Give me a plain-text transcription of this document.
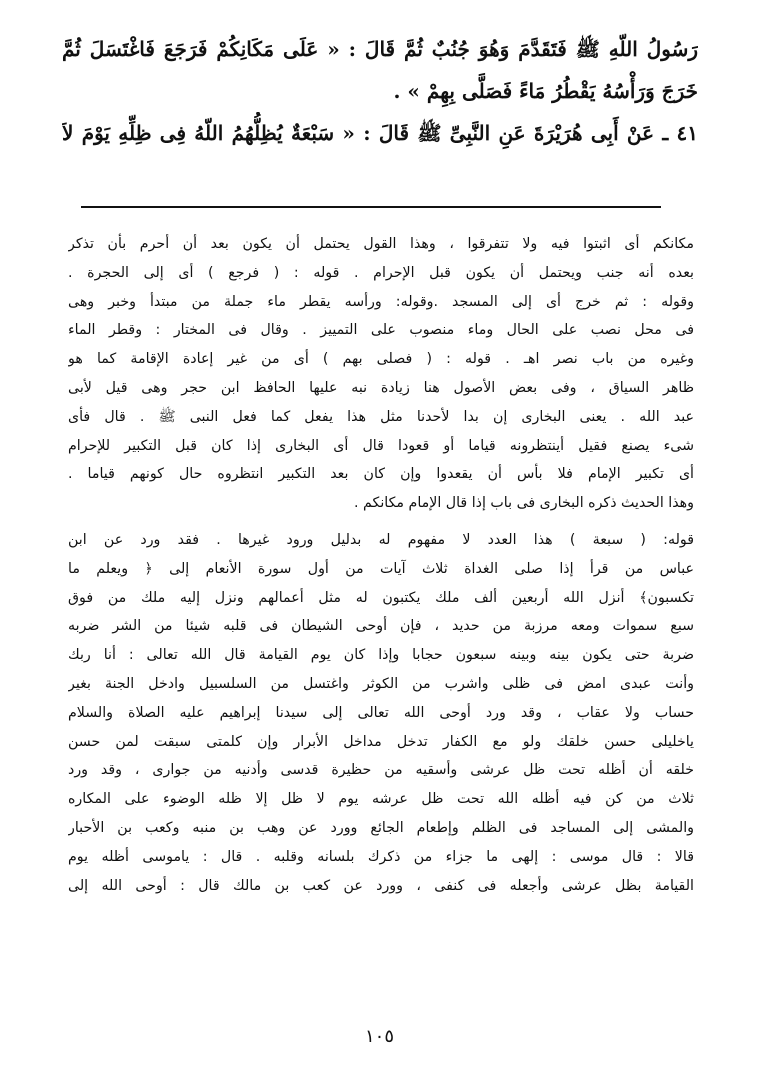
رَسُولُ اللّهِ ﷺ فَتَقَدَّمَ وَهُوَ جُنُبٌ ثُمَّ قَالَ : « عَلَى مَكَانِكُمْ فَرَجَعَ فَاغْتَسَلَ ثُمَّ

خَرَجَ وَرَأْسُهُ يَقْطُرُ مَاءً فَصَلَّى بِهِمْ » .

٤١ ـ عَنْ أَبِى هُرَيْرَةَ عَنِ النَّبِىِّ ﷺ قَالَ : « سَبْعَةٌ يُظِلُّهُمُ اللّهُ فِى ظِلِّهِ يَوْمَ لاَ

مكانكم أى اثبتوا فيه ولا تتفرقوا ، وهذا القول يحتمل أن يكون بعد أن أحرم بأن تذكر
بعده أنه جنب ويحتمل أن يكون قبل الإحرام . قوله : ( فرجع ) أى إلى الحجرة .
وقوله : ثم خرج أى إلى المسجد .وقوله: ورأسه يقطر ماء جملة من مبتدأ وخبر وهى
فى محل نصب على الحال وماء منصوب على التمييز . وقال فى المختار : وقطر الماء
وغيره من باب نصر اهـ . قوله : ( فصلى بهم ) أى من غير إعادة الإقامة كما هو
ظاهر السياق ، وفى بعض الأصول هنا زيادة نبه عليها الحافظ ابن حجر وهى قيل لأبى
عبد الله . يعنى البخارى إن بدا لأحدنا مثل هذا يفعل كما فعل النبى ﷺ . قال فأى
شىء يصنع فقيل أينتظرونه قياما أو قعودا قال أى البخارى إذا كان قبل التكبير للإحرام
أى تكبير الإمام فلا بأس أن يقعدوا وإن كان بعد التكبير انتظروه حال كونهم قياما .
وهذا الحديث ذكره البخارى فى باب إذا قال الإمام مكانكم .
قوله: ( سبعة ) هذا العدد لا مفهوم له بدليل ورود غيرها . فقد ورد عن ابن
عباس من قرأ إذا صلى الغداة ثلاث آيات من أول سورة الأنعام إلى ﴿ ويعلم ما
تكسبون﴾ أنزل الله أربعين ألف ملك يكتبون له مثل أعمالهم ونزل إليه ملك من فوق
سبع سموات ومعه مرزبة من حديد ، فإن أوحى الشيطان فى قلبه شيئا من الشر ضربه
ضربة حتى يكون بينه وبينه سبعون حجابا وإذا كان يوم القيامة قال الله تعالى : أنا ربك
وأنت عبدى امض فى ظلى واشرب من الكوثر واغتسل من السلسبيل وادخل الجنة بغير
حساب ولا عقاب ، وقد ورد أوحى الله تعالى إلى سيدنا إبراهيم عليه الصلاة والسلام
ياخليلى حسن خلقك ولو مع الكفار تدخل مداخل الأبرار وإن كلمتى سبقت لمن حسن
خلقه أن أظله تحت ظل عرشى وأسقيه من حظيرة قدسى وأدنيه من جوارى ، وقد ورد
ثلاث من كن فيه أظله الله تحت ظل عرشه يوم لا ظل إلا ظله الوضوء على المكاره
والمشى إلى المساجد فى الظلم وإطعام الجائع وورد عن وهب بن منبه وكعب بن الأحبار
قالا : قال موسى : إلهى ما جزاء من ذكرك بلسانه وقلبه . قال : ياموسى أظله يوم
القيامة بظل عرشى وأجعله فى كنفى ، وورد عن كعب بن مالك قال : أوحى الله إلى
١٠٥
